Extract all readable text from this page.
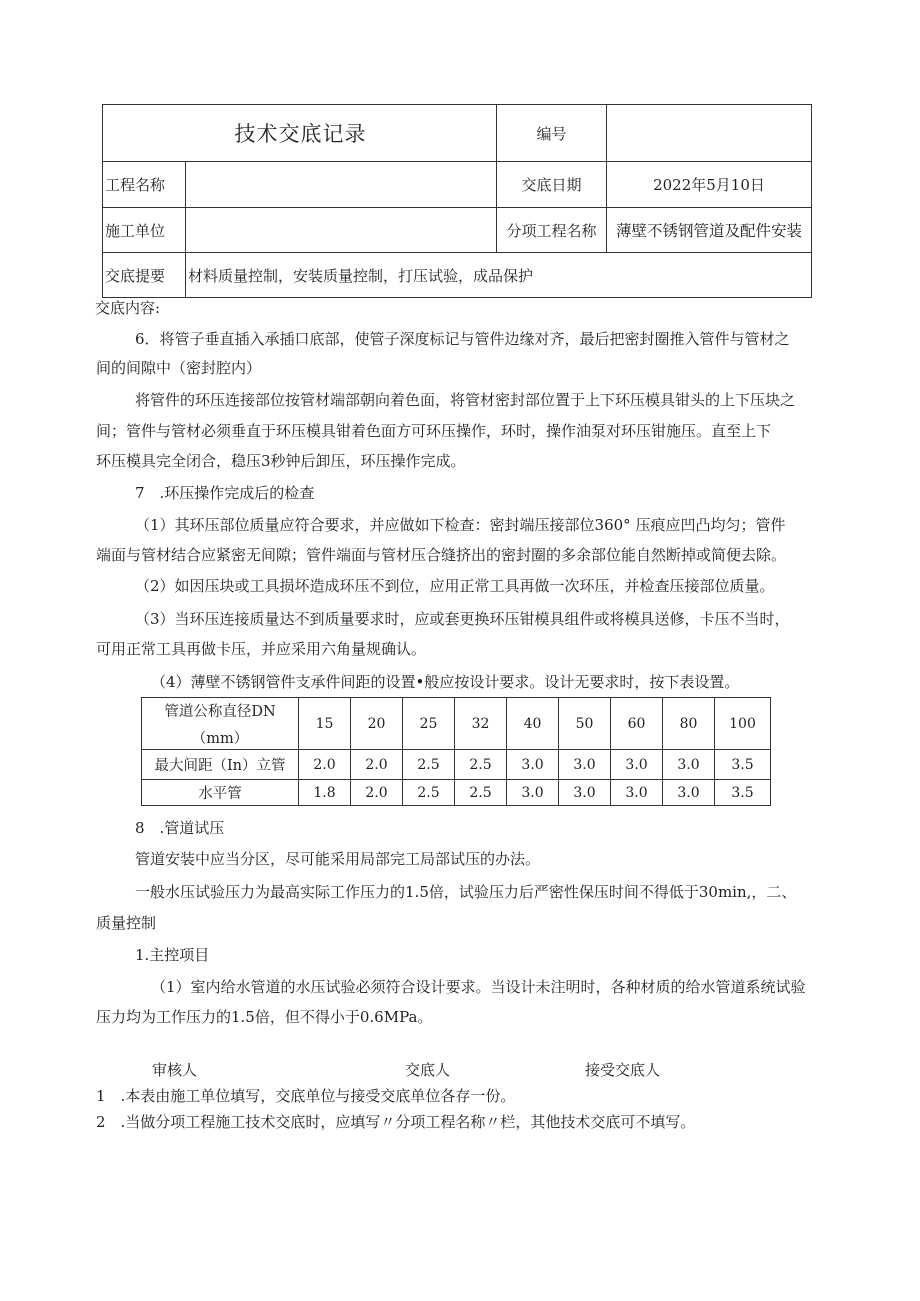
技术交底记录		编号	
工程名称		交底日期	2022年5月10日
施工单位		分项工程名称	薄壁不锈钢管道及配件安装
交底提要	材料质量控制，安装质量控制，打压试验，成品保护		
交底内容:
6．将管子垂直插入承插口底部，使管子深度标记与管件边缘对齐，最后把密封圈推入管件与管材之
间的间隙中（密封腔内）
将管件的环压连接部位按管材端部朝向着色面，将管材密封部位置于上下环压模具钳头的上下压块之
间；管件与管材必须垂直于环压模具钳着色面方可环压操作，环时，操作油泵对环压钳施压。直至上下
环压模具完全闭合，稳压3秒钟后卸压，环压操作完成。
7　.环压操作完成后的检查
（1）其环压部位质量应符合要求，并应做如下检查：密封端压接部位360° 压痕应凹凸均匀；管件
端面与管材结合应紧密无间隙；管件端面与管材压合缝挤出的密封圈的多余部位能自然断掉或简便去除。
（2）如因压块或工具损坏造成环压不到位，应用正常工具再做一次环压，并检查压接部位质量。
（3）当环压连接质量达不到质量要求时，应或套更换环压钳模具组件或将模具送修，卡压不当时，
可用正常工具再做卡压，并应采用六角量规确认。
（4）薄壁不锈钢管件支承件间距的设置•般应按设计要求。设计无要求时，按下表设置。
管道公称直径DN
（mm）	15	20	25	32	40	50	60	80	100
最大间距（In）立管	2.0	2.0	2.5	2.5	3.0	3.0	3.0	3.0	3.5
水平管	1.8	2.0	2.5	2.5	3.0	3.0	3.0	3.0	3.5
8　.管道试压
管道安装中应当分区，尽可能采用局部完工局部试压的办法。
一般水压试验压力为最高实际工作压力的1.5倍，试验压力后严密性保压时间不得低于30min,，二、
质量控制
1.主控项目
（1）室内给水管道的水压试验必须符合设计要求。当设计未注明时，各种材质的给水管道系统试验
压力均为工作压力的1.5倍，但不得小于0.6MPa。
审核人	交底人	接受交底人
1　.本表由施工单位填写，交底单位与接受交底单位各存一份。
2　.当做分项工程施工技术交底时，应填写〃分项工程名称〃栏，其他技术交底可不填写。
